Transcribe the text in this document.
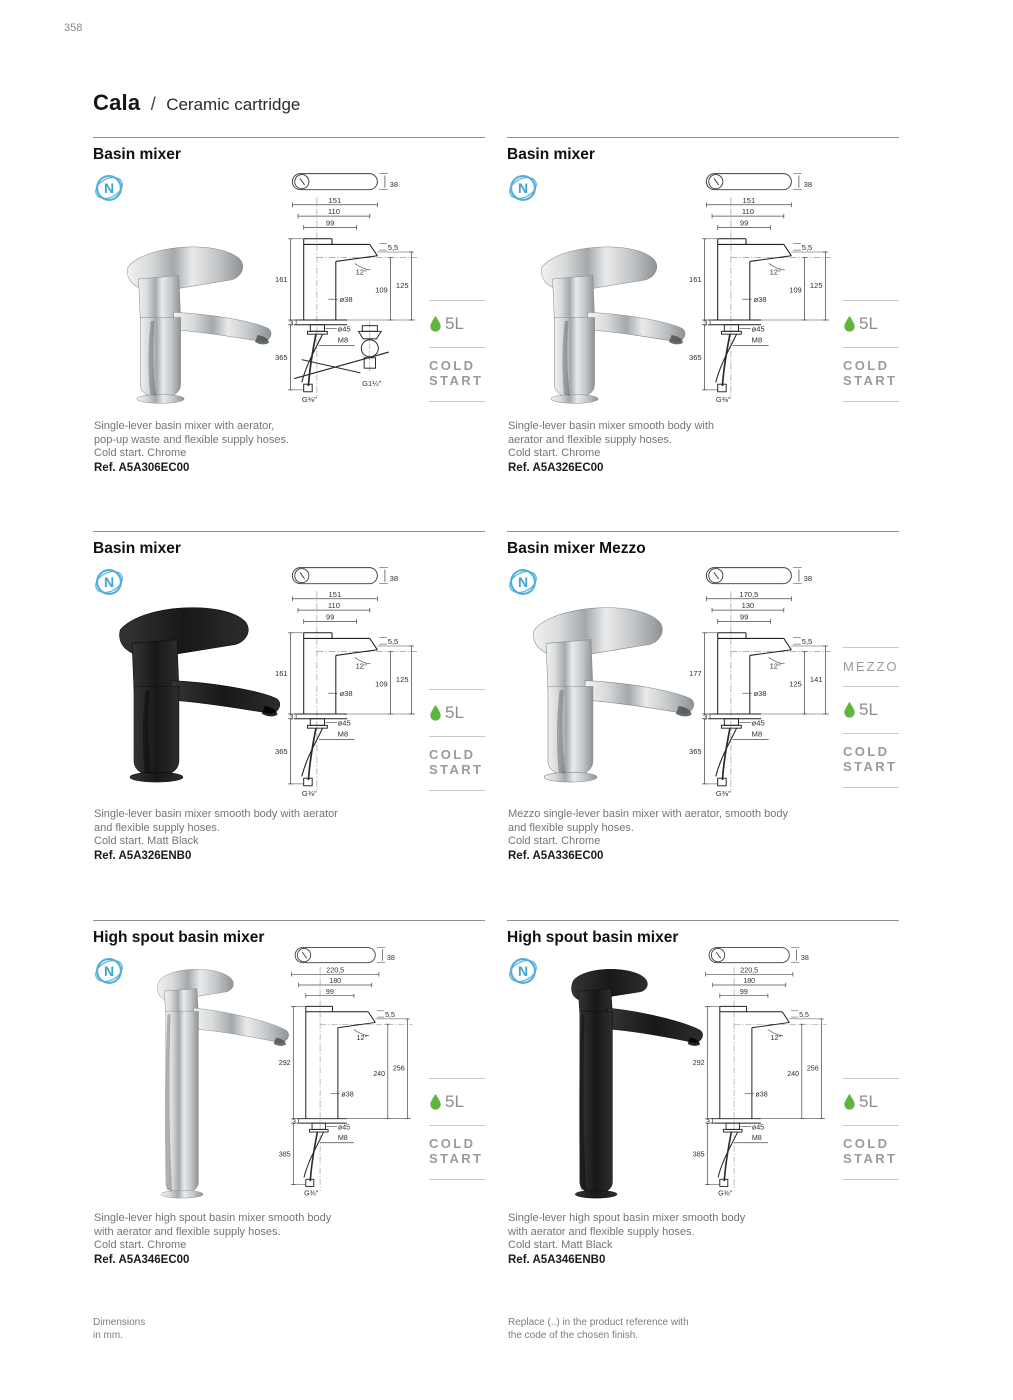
358
Cala / Ceramic cartridge
Basin mixer
N	38
151
110
99
5,5
161
12°
109
125
ø38
3
ø45
M8
365
G⅜″
G1¼″
5L
COLD
START
Single-lever basin mixer with aerator,
pop-up waste and flexible supply hoses.
Cold start. Chrome
Ref. A5A306EC00
Basin mixer
N	38
151
110
99
5,5
161
12°
109
125
ø38
3
ø45
M8
365
G⅜″
5L
COLD
START
Single-lever basin mixer smooth body with
aerator and flexible supply hoses.
Cold start. Chrome
Ref. A5A326EC00
Basin mixer
N	38
151
110
99
5,5
161
12°
109
125
ø38
3
ø45
M8
365
G⅜″
5L
COLD
START
Single-lever basin mixer smooth body with aerator
and flexible supply hoses.
Cold start. Matt Black
Ref. A5A326ENB0
Basin mixer Mezzo
N	38
170,5
130
99
5,5
177
12°
125
141
ø38
3
ø45
M8
365
G⅜″
MEZZO
5L
COLD
START
Mezzo single-lever basin mixer with aerator, smooth body
and flexible supply hoses.
Cold start. Chrome
Ref. A5A336EC00
High spout basin mixer
N
38
220,5
180
99
5,5
292
12°
240
256
ø38
3
ø45
M8
385
G⅜″
5L
COLD
START
Single-lever high spout basin mixer smooth body
with aerator and flexible supply hoses.
Cold start. Chrome
Ref. A5A346EC00
High spout basin mixer
N
38
220,5
180
99
5,5
292
12°
240
256
ø38
3
ø45
M8
385
G⅜″
5L
COLD
START
Single-lever high spout basin mixer smooth body
with aerator and flexible supply hoses.
Cold start. Matt Black
Ref. A5A346ENB0
Dimensions
in mm.
Replace (..) in the product reference with
the code of the chosen finish.
